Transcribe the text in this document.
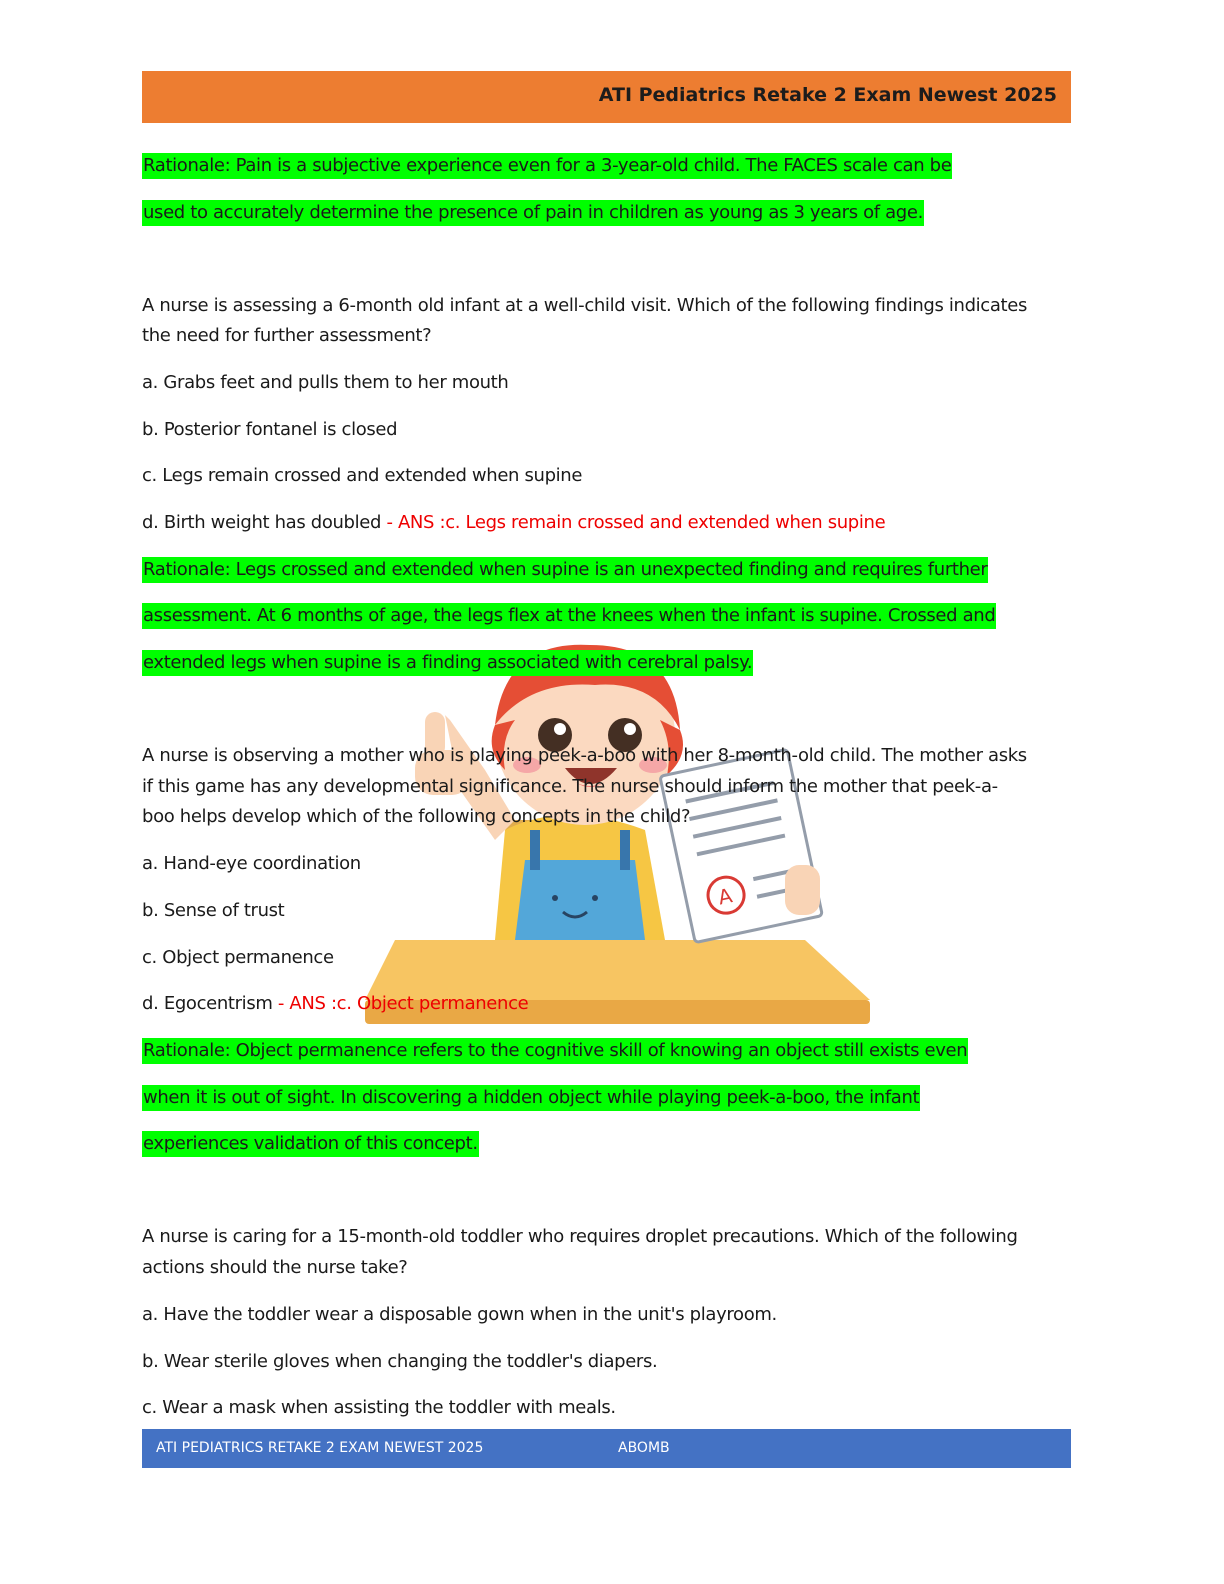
ATI Pediatrics Retake 2 Exam Newest 2025
A
Rationale: Pain is a subjective experience even for a 3-year-old child. The FACES scale can be
used to accurately determine the presence of pain in children as young as 3 years of age.
A nurse is assessing a 6-month old infant at a well-child visit. Which of the following findings indicates
the need for further assessment?
a. Grabs feet and pulls them to her mouth
b. Posterior fontanel is closed
c. Legs remain crossed and extended when supine
d. Birth weight has doubled - ANS :c. Legs remain crossed and extended when supine
Rationale: Legs crossed and extended when supine is an unexpected finding and requires further
assessment. At 6 months of age, the legs flex at the knees when the infant is supine. Crossed and
extended legs when supine is a finding associated with cerebral palsy.
A nurse is observing a mother who is playing peek-a-boo with her 8-month-old child. The mother asks
if this game has any developmental significance. The nurse should inform the mother that peek-a-
boo helps develop which of the following concepts in the child?
a. Hand-eye coordination
b. Sense of trust
c. Object permanence
d. Egocentrism - ANS :c. Object permanence
Rationale: Object permanence refers to the cognitive skill of knowing an object still exists even
when it is out of sight. In discovering a hidden object while playing peek-a-boo, the infant
experiences validation of this concept.
A nurse is caring for a 15-month-old toddler who requires droplet precautions. Which of the following
actions should the nurse take?
a. Have the toddler wear a disposable gown when in the unit's playroom.
b. Wear sterile gloves when changing the toddler's diapers.
c. Wear a mask when assisting the toddler with meals.
ATI PEDIATRICS RETAKE 2 EXAM NEWEST 2025	ABOMB
